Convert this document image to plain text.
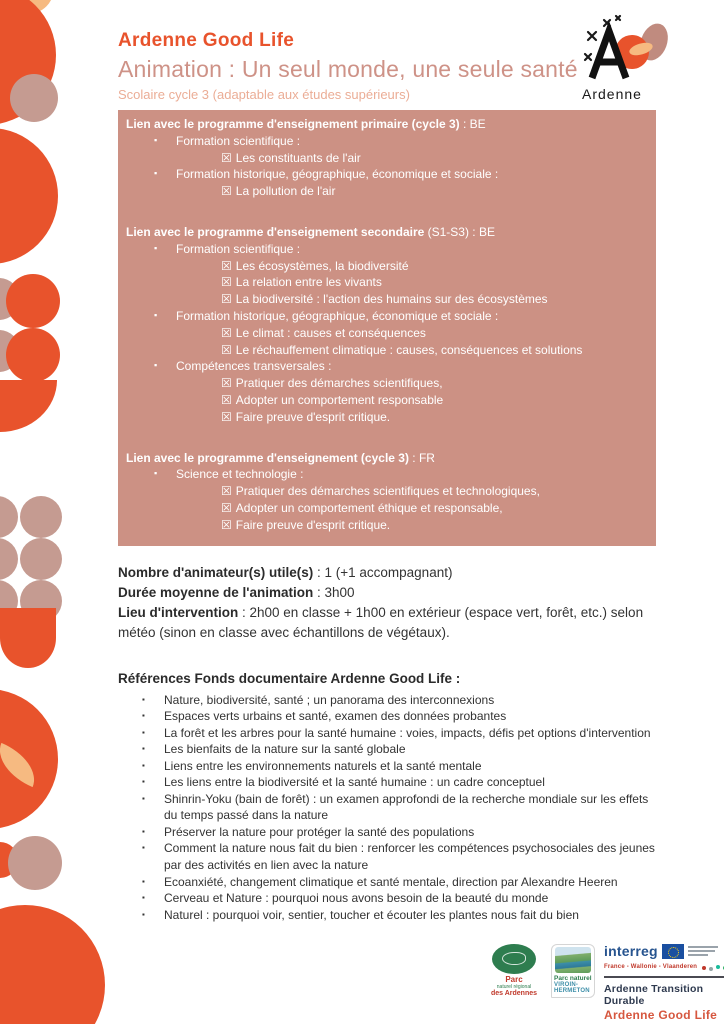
Ardenne
Ardenne Good Life
Animation : Un seul monde, une seule santé
Scolaire cycle 3 (adaptable aux études supérieurs)

Lien avec le programme d'enseignement primaire (cycle 3) : BE

▪	Formation scientifique :
☒ Les constituants de l'air
▪	Formation historique, géographique, économique et sociale :
☒ La pollution de l'air

Lien avec le programme d'enseignement secondaire (S1-S3) : BE

▪	Formation scientifique :
☒ Les écosystèmes, la biodiversité
☒ La relation entre les vivants
☒ La biodiversité : l'action des humains sur des écosystèmes
▪	Formation historique, géographique, économique et sociale :
☒ Le climat : causes et conséquences
☒ Le réchauffement climatique : causes, conséquences et solutions
▪	Compétences transversales :
☒ Pratiquer des démarches scientifiques,
☒ Adopter un comportement responsable
☒ Faire preuve d'esprit critique.

Lien avec le programme d'enseignement (cycle 3) : FR

▪	Science et technologie :
☒ Pratiquer des démarches scientifiques et technologiques,
☒ Adopter un comportement éthique et responsable,
☒ Faire preuve d'esprit critique.

Nombre d'animateur(s) utile(s) : 1 (+1 accompagnant)

Durée moyenne de l'animation : 3h00

Lieu d'intervention : 2h00 en classe + 1h00 en extérieur (espace vert, forêt, etc.) selon météo (sinon en classe avec échantillons de végétaux).

Références Fonds documentaire Ardenne Good Life :

▪	Nature, biodiversité, santé ; un panorama des interconnexions
▪	Espaces verts urbains et santé, examen des données probantes
▪	La forêt et les arbres pour la santé humaine : voies, impacts, défis pet options d'intervention
▪	Les bienfaits de la nature sur la santé globale
▪	Liens entre les environnements naturels et la santé mentale
▪	Les liens entre la biodiversité et la santé humaine : un cadre conceptuel
▪	Shinrin-Yoku (bain de forêt) : un examen approfondi de la recherche mondiale sur les effets du temps passé dans la nature
▪	Préserver la nature pour protéger la santé des populations
▪	Comment la nature nous fait du bien : renforcer les compétences psychosociales des jeunes par des activités en lien avec la nature
▪	Ecoanxiété, changement climatique et santé mentale, direction par Alexandre Heeren
▪	Cerveau et Nature : pourquoi nous avons besoin de la beauté du monde
▪	Naturel : pourquoi voir, sentier, toucher et écouter les plantes nous fait du bien
Parc
naturel régional
des Ardennes
Parc naturel
VIROIN-HERMETON
interreg
France - Wallonie - Vlaanderen
Ardenne Transition Durable
Ardenne Good Life
